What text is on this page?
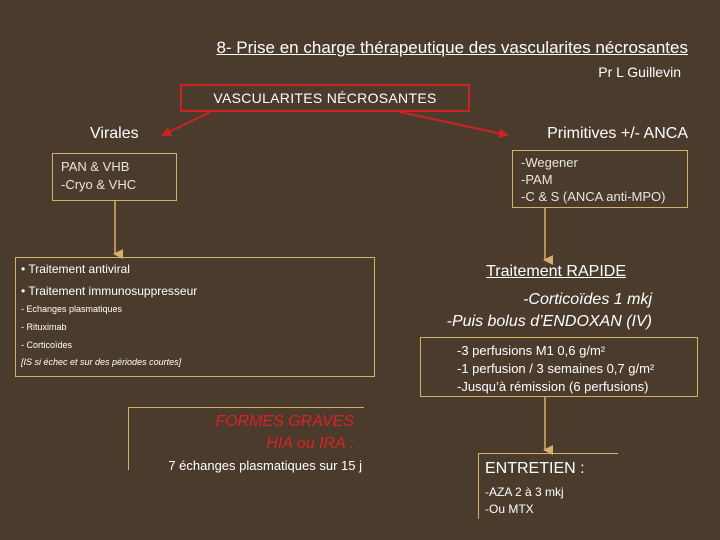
8- Prise en charge thérapeutique des vascularites nécrosantes
Pr L Guillevin
VASCULARITES NÉCROSANTES
Virales	Primitives +/- ANCA
PAN & VHB
-Cryo & VHC
-Wegener
-PAM
-C & S (ANCA anti-MPO)
• Traitement antiviral
• Traitement immunosuppresseur
- Echanges plasmatiques
- Rituximab
- Corticoïdes
[IS si échec et sur des périodes courtes]
Traitement RAPIDE
-Corticoïdes 1 mkj
-Puis bolus d’ENDOXAN (IV)
-3 perfusions M1 0,6 g/m²
-1 perfusion / 3 semaines 0,7 g/m²
-Jusqu’à rémission (6 perfusions)
FORMES GRAVES
HIA ou IRA :
7 échanges plasmatiques sur 15 j	ENTRETIEN :
-AZA 2 à 3 mkj
-Ou MTX
